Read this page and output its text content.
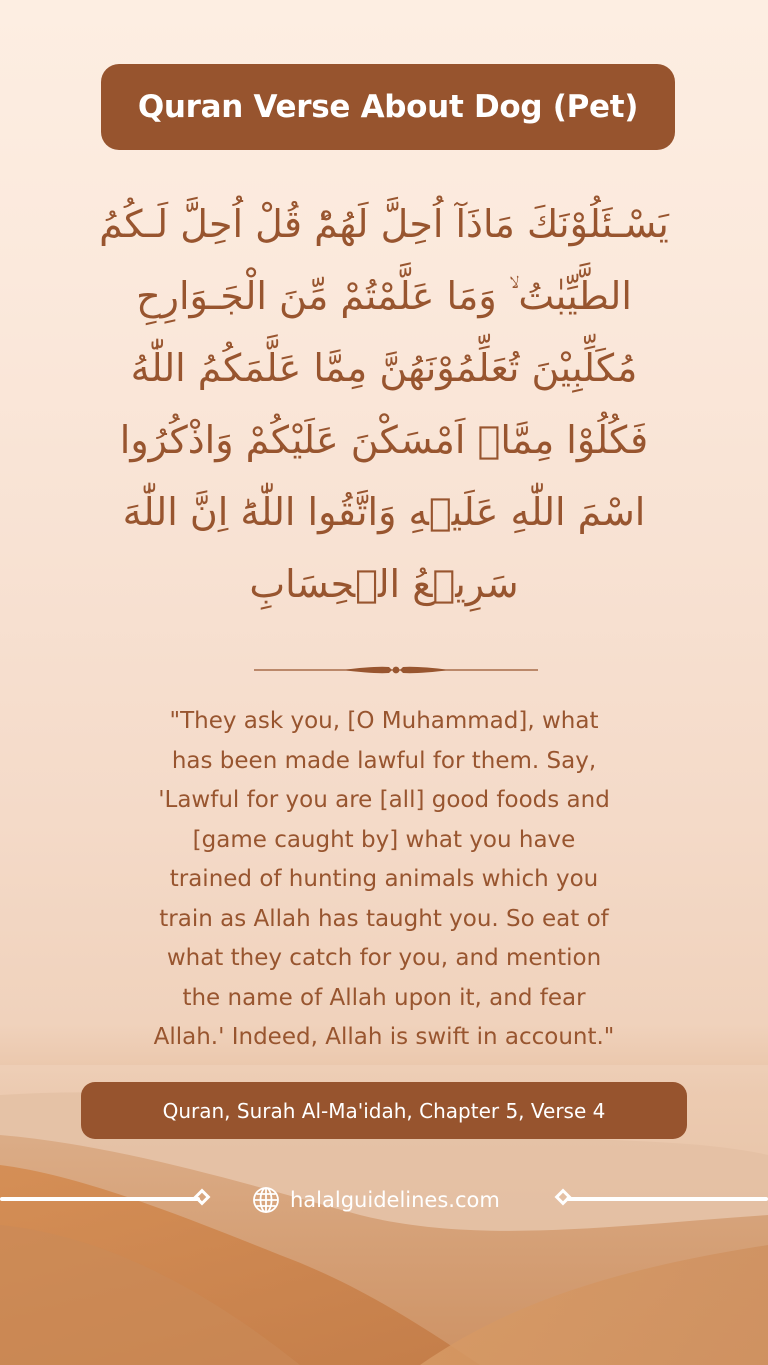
Quran Verse About Dog (Pet)
يَسْـئَلُوْنَكَ مَاذَآ اُحِلَّ لَهُمْؕ قُلْ اُحِلَّ لَـكُمُ
الطَّيِّبٰتُ ۙ وَمَا عَلَّمْتُمْ مِّنَ الْجَـوَارِحِ
مُكَلِّبِيْنَ تُعَلِّمُوْنَهُنَّ مِمَّا عَلَّمَكُمُ اللّٰهُ
فَكُلُوْا مِمَّاۤ اَمْسَكْنَ عَلَيْكُمْ وَاذْكُرُوا
اسْمَ اللّٰهِ عَلَيۡهِ وَاتَّقُوا اللّٰهَؕ اِنَّ اللّٰهَ
سَرِيۡعُ الۡحِسَابِ
"They ask you, [O Muhammad], what
has been made lawful for them. Say,
'Lawful for you are [all] good foods and
[game caught by] what you have
trained of hunting animals which you
train as Allah has taught you. So eat of
what they catch for you, and mention
the name of Allah upon it, and fear
Allah.' Indeed, Allah is swift in account."
Quran, Surah Al-Ma'idah, Chapter 5, Verse 4
halalguidelines.com
